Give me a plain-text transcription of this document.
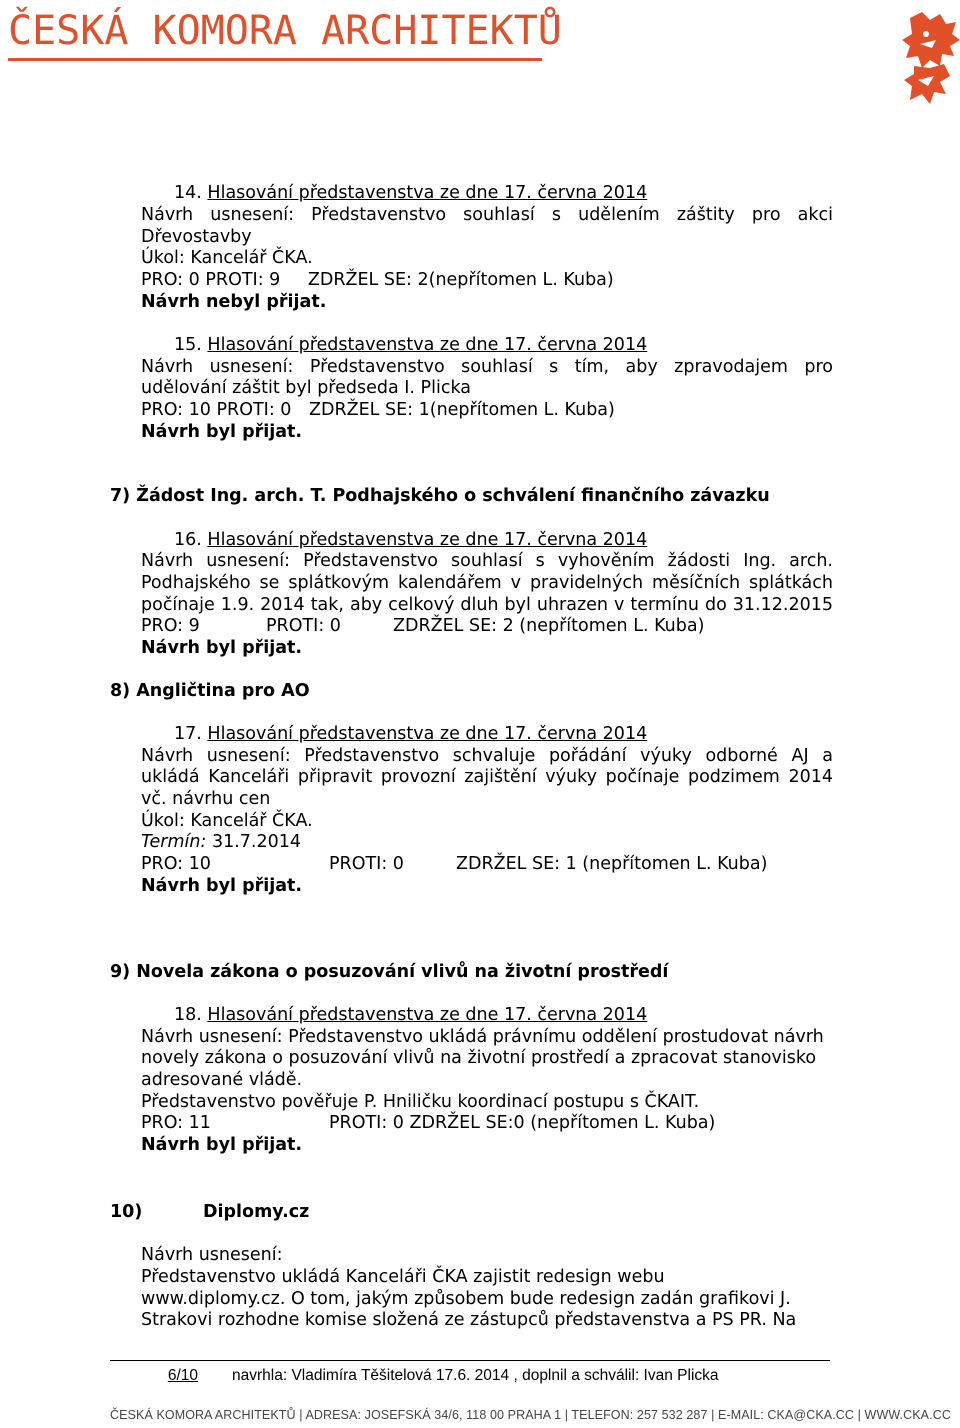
ČESKÁ KOMORA ARCHITEKTŮ
14. Hlasování představenstva ze dne 17. června 2014
Návrh usnesení: Představenstvo souhlasí s udělením záštity pro akci
Dřevostavby
Úkol: Kancelář ČKA.
PRO: 0 PROTI: 9 ZDRŽEL SE: 2(nepřítomen L. Kuba)
Návrh nebyl přijat.
15. Hlasování představenstva ze dne 17. června 2014
Návrh usnesení: Představenstvo souhlasí s tím, aby zpravodajem pro
udělování záštit byl předseda I. Plicka
PRO: 10 PROTI: 0 ZDRŽEL SE: 1(nepřítomen L. Kuba)
Návrh byl přijat.
7) Žádost Ing. arch. T. Podhajského o schválení finančního závazku
16. Hlasování představenstva ze dne 17. června 2014
Návrh usnesení: Představenstvo souhlasí s vyhověním žádosti Ing. arch.
Podhajského se splátkovým kalendářem v pravidelných měsíčních splátkách
počínaje 1.9. 2014 tak, aby celkový dluh byl uhrazen v termínu do 31.12.2015
PRO: 9	PROTI: 0	ZDRŽEL SE: 2 (nepřítomen L. Kuba)
Návrh byl přijat.
8) Angličtina pro AO
17. Hlasování představenstva ze dne 17. června 2014
Návrh usnesení: Představenstvo schvaluje pořádání výuky odborné AJ a
ukládá Kanceláři připravit provozní zajištění výuky počínaje podzimem 2014
vč. návrhu cen
Úkol: Kancelář ČKA.
Termín: 31.7.2014
PRO: 10	PROTI: 0	ZDRŽEL SE: 1 (nepřítomen L. Kuba)
Návrh byl přijat.
9) Novela zákona o posuzování vlivů na životní prostředí
18. Hlasování představenstva ze dne 17. června 2014
Návrh usnesení: Představenstvo ukládá právnímu oddělení prostudovat návrh
novely zákona o posuzování vlivů na životní prostředí a zpracovat stanovisko
adresované vládě.
Představenstvo pověřuje P. Hniličku koordinací postupu s ČKAIT.
PRO: 11	PROTI: 0 ZDRŽEL SE:0 (nepřítomen L. Kuba)
Návrh byl přijat.
10)	Diplomy.cz
Návrh usnesení:
Představenstvo ukládá Kanceláři ČKA zajistit redesign webu
www.diplomy.cz. O tom, jakým způsobem bude redesign zadán grafikovi J.
Strakovi rozhodne komise složená ze zástupců představenstva a PS PR. Na
6/10 navrhla: Vladimíra Těšitelová 17.6. 2014 , doplnil a schválil: Ivan Plicka
ČESKÁ KOMORA ARCHITEKTŮ | ADRESA: JOSEFSKÁ 34/6, 118 00 PRAHA 1 | TELEFON: 257 532 287 | E-MAIL: CKA@CKA.CC | WWW.CKA.CC
